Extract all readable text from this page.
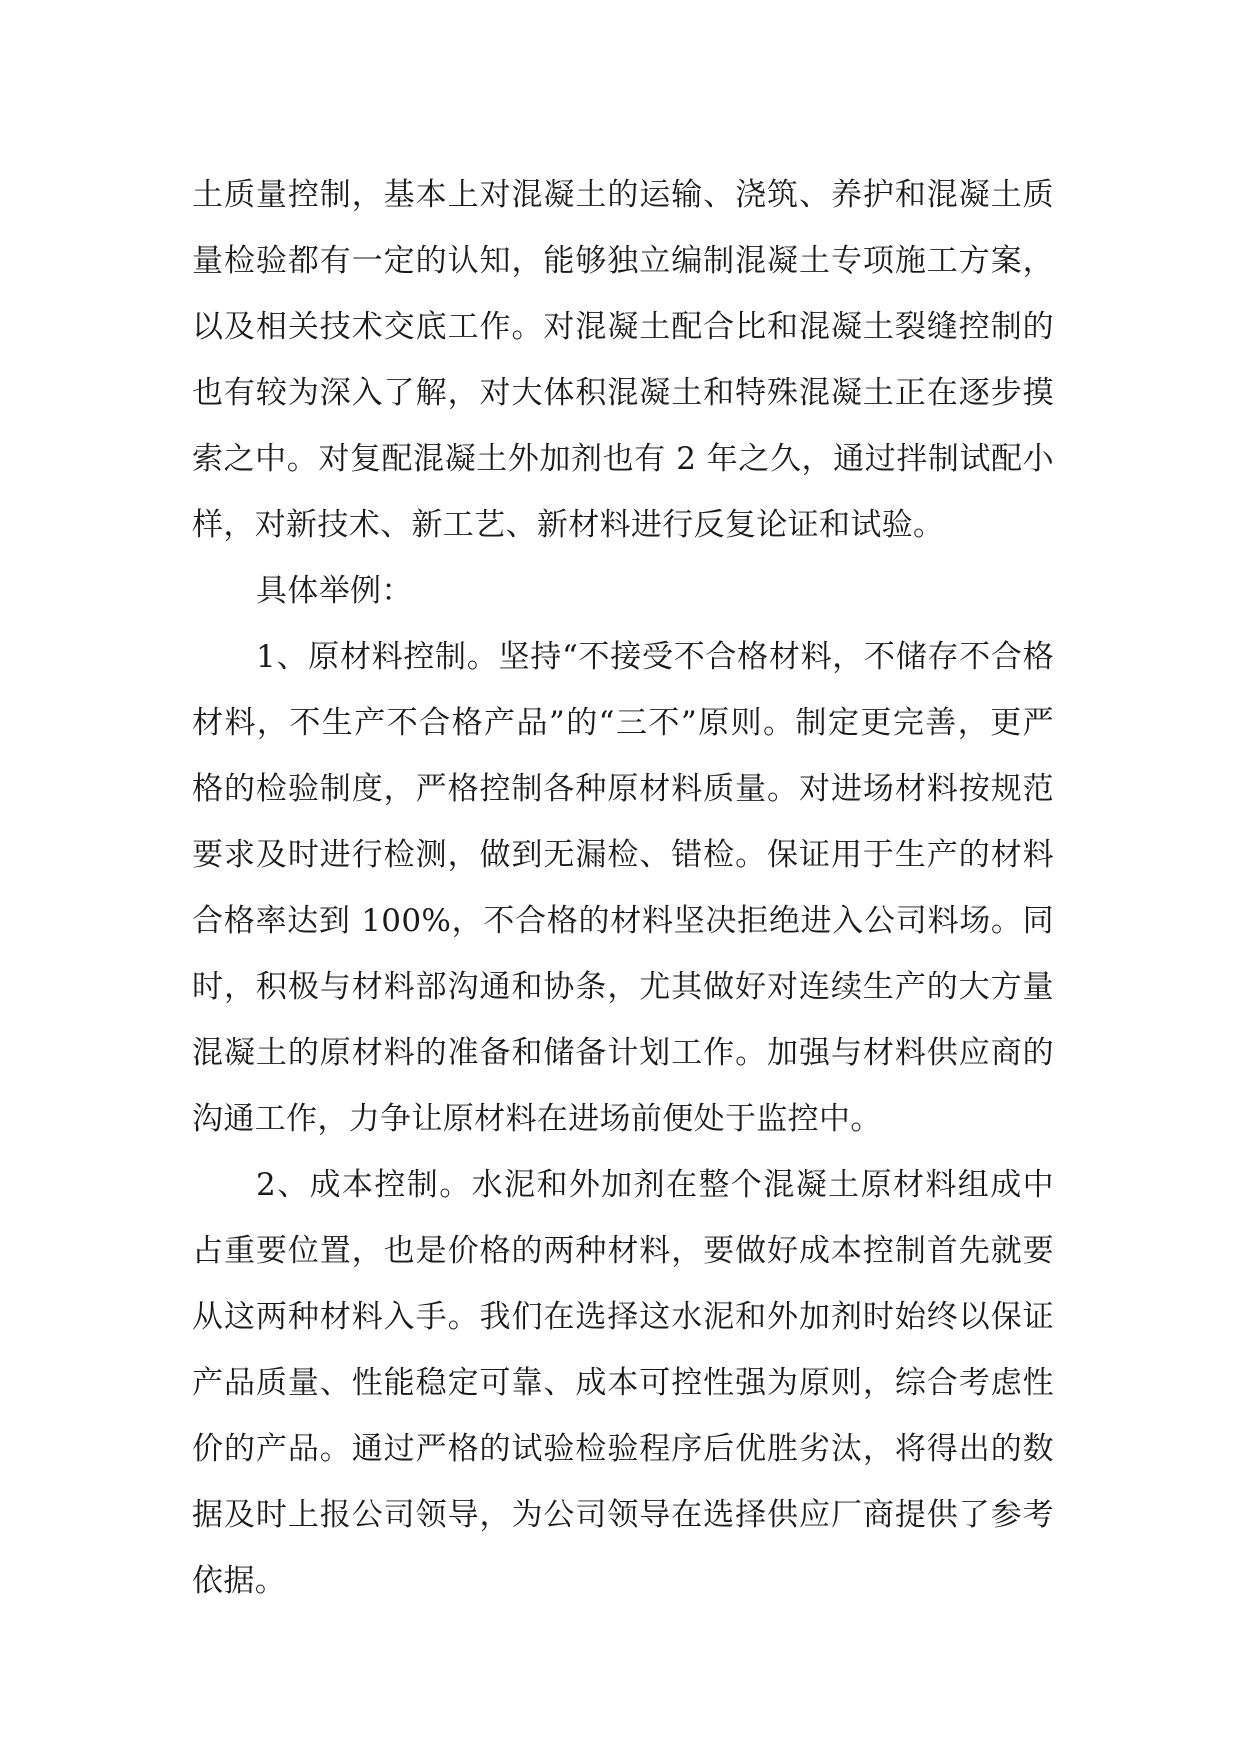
土质量控制，基本上对混凝土的运输、浇筑、养护和混凝土质量检验都有一定的认知，能够独立编制混凝土专项施工方案，以及相关技术交底工作。对混凝土配合比和混凝土裂缝控制的也有较为深入了解，对大体积混凝土和特殊混凝土正在逐步摸索之中。对复配混凝土外加剂也有 2 年之久，通过拌制试配小样，对新技术、新工艺、新材料进行反复论证和试验。

具体举例：

1、原材料控制。坚持“不接受不合格材料，不储存不合格材料，不生产不合格产品”的“三不”原则。制定更完善，更严格的检验制度，严格控制各种原材料质量。对进场材料按规范要求及时进行检测，做到无漏检、错检。保证用于生产的材料合格率达到 100%，不合格的材料坚决拒绝进入公司料场。同时，积极与材料部沟通和协条，尤其做好对连续生产的大方量混凝土的原材料的准备和储备计划工作。加强与材料供应商的沟通工作，力争让原材料在进场前便处于监控中。

2、成本控制。水泥和外加剂在整个混凝土原材料组成中占重要位置，也是价格的两种材料，要做好成本控制首先就要从这两种材料入手。我们在选择这水泥和外加剂时始终以保证产品质量、性能稳定可靠、成本可控性强为原则，综合考虑性价的产品。通过严格的试验检验程序后优胜劣汰，将得出的数据及时上报公司领导，为公司领导在选择供应厂商提供了参考依据。
